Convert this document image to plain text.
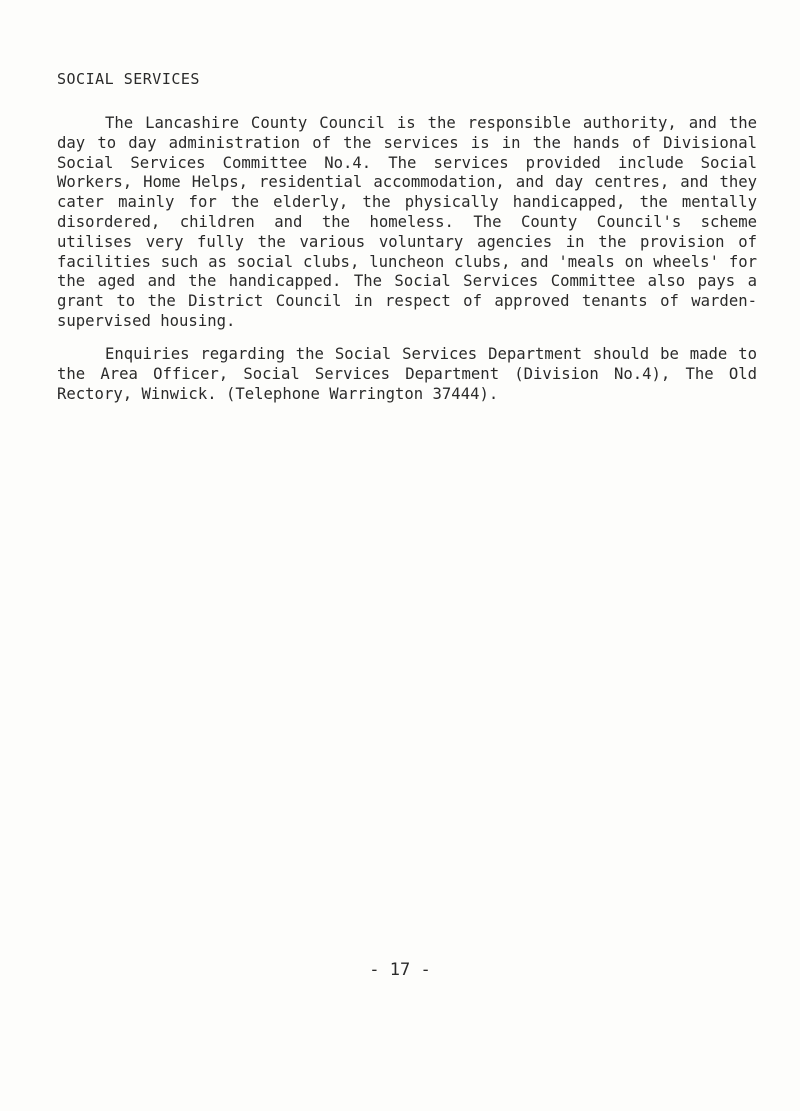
SOCIAL SERVICES

The Lancashire County Council is the responsible authority, and the day to day administration of the services is in the hands of Divisional Social Services Committee No.4. The services provided include Social Workers, Home Helps, residential accommodation, and day centres, and they cater mainly for the elderly, the physically handicapped, the mentally disordered, children and the homeless. The County Council's scheme utilises very fully the various voluntary agencies in the provision of facilities such as social clubs, luncheon clubs, and 'meals on wheels' for the aged and the handicapped. The Social Services Committee also pays a grant to the District Council in respect of approved tenants of warden-supervised housing.

Enquiries regarding the Social Services Department should be made to the Area Officer, Social Services Department (Division No.4), The Old Rectory, Winwick. (Telephone Warrington 37444).

- 17 -
